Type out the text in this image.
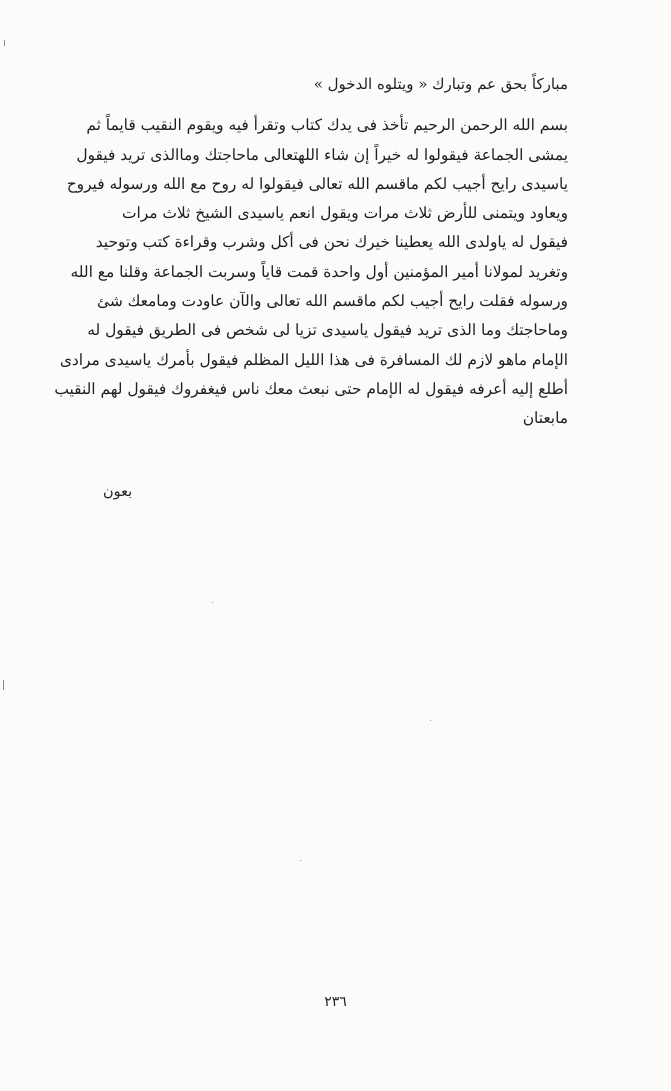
مباركاً بحق عم وتبارك « ويتلوه الدخول »
بسم الله الرحمن الرحيم تأخذ فى يدك كتاب وتقرأ فيه ويقوم النقيب قايماً ثم
يمشى الجماعة فيقولوا له خيراً إن شاء اللهتعالى ماحاجتك وماالذى تريد فيقول
ياسيدى رايح أجيب لكم ماقسم الله تعالى فيقولوا له روح مع الله ورسوله فيروح
ويعاود ويتمنى للأرض ثلاث مرات ويقول انعم ياسيدى الشيخ ثلاث مرات
فيقول له ياولدى الله يعطينا خيرك نحن فى أكل وشرب وقراءة كتب وتوحيد
وتغريد لمولانا أمير المؤمنين أول واحدة قمت قاياً وسربت الجماعة وقلنا مع الله
ورسوله فقلت رايح أجيب لكم ماقسم الله تعالى والآن عاودت ومامعك شئ
وماحاجتك وما الذى تريد فيقول ياسيدى تزيا لى شخص فى الطريق فيقول له
الإمام ماهو لازم لك المسافرة فى هذا الليل المظلم فيقول بأمرك ياسيدى مرادى
أطلع إليه أعرفه فيقول له الإمام حتى نبعث معك ناس فيغفروك فيقول لهم النقيب
مابعتان
بعون
٢٣٦
